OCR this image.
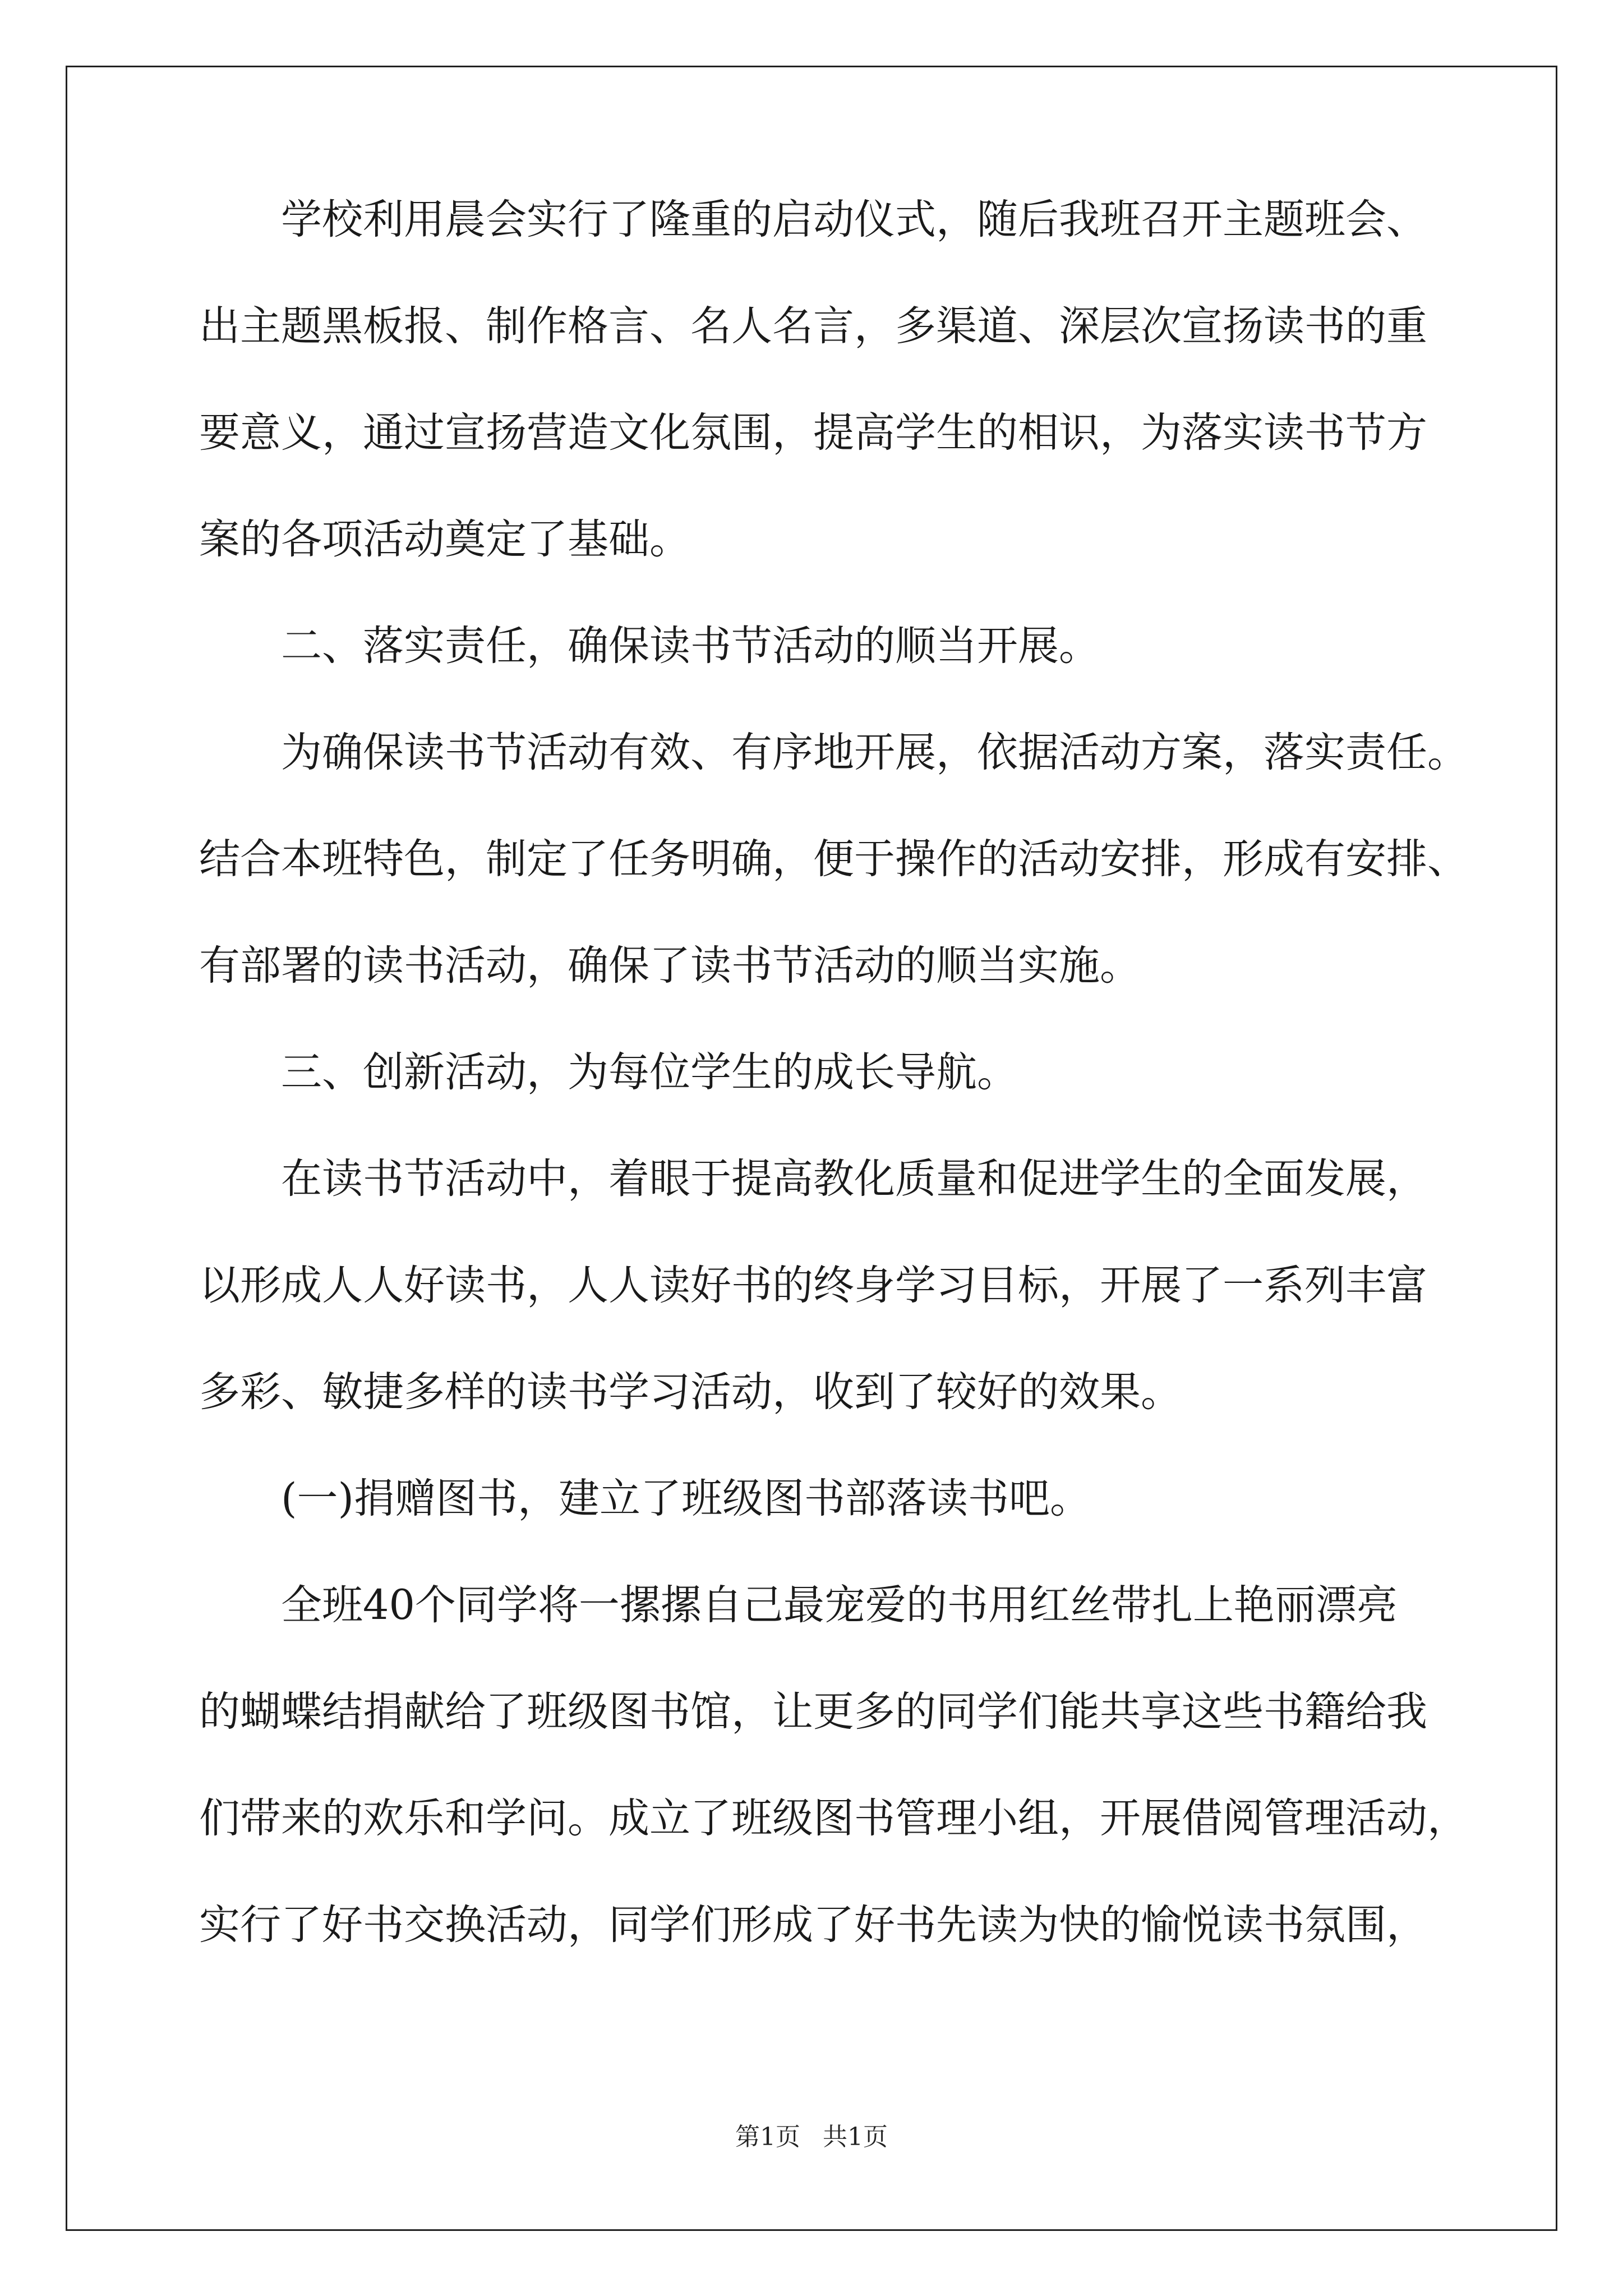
学校利用晨会实行了隆重的启动仪式，随后我班召开主题班会、
出主题黑板报、制作格言、名人名言，多渠道、深层次宣扬读书的重
要意义，通过宣扬营造文化氛围，提高学生的相识，为落实读书节方
案的各项活动奠定了基础。
二、落实责任，确保读书节活动的顺当开展。
为确保读书节活动有效、有序地开展，依据活动方案，落实责任。
结合本班特色，制定了任务明确，便于操作的活动安排，形成有安排、
有部署的读书活动，确保了读书节活动的顺当实施。
三、创新活动，为每位学生的成长导航。
在读书节活动中，着眼于提高教化质量和促进学生的全面发展，
以形成人人好读书，人人读好书的终身学习目标，开展了一系列丰富
多彩、敏捷多样的读书学习活动，收到了较好的效果。
(一)捐赠图书，建立了班级图书部落读书吧。
全班40个同学将一摞摞自己最宠爱的书用红丝带扎上艳丽漂亮
的蝴蝶结捐献给了班级图书馆，让更多的同学们能共享这些书籍给我
们带来的欢乐和学问。成立了班级图书管理小组，开展借阅管理活动，
实行了好书交换活动，同学们形成了好书先读为快的愉悦读书氛围，
第1页 共1页
